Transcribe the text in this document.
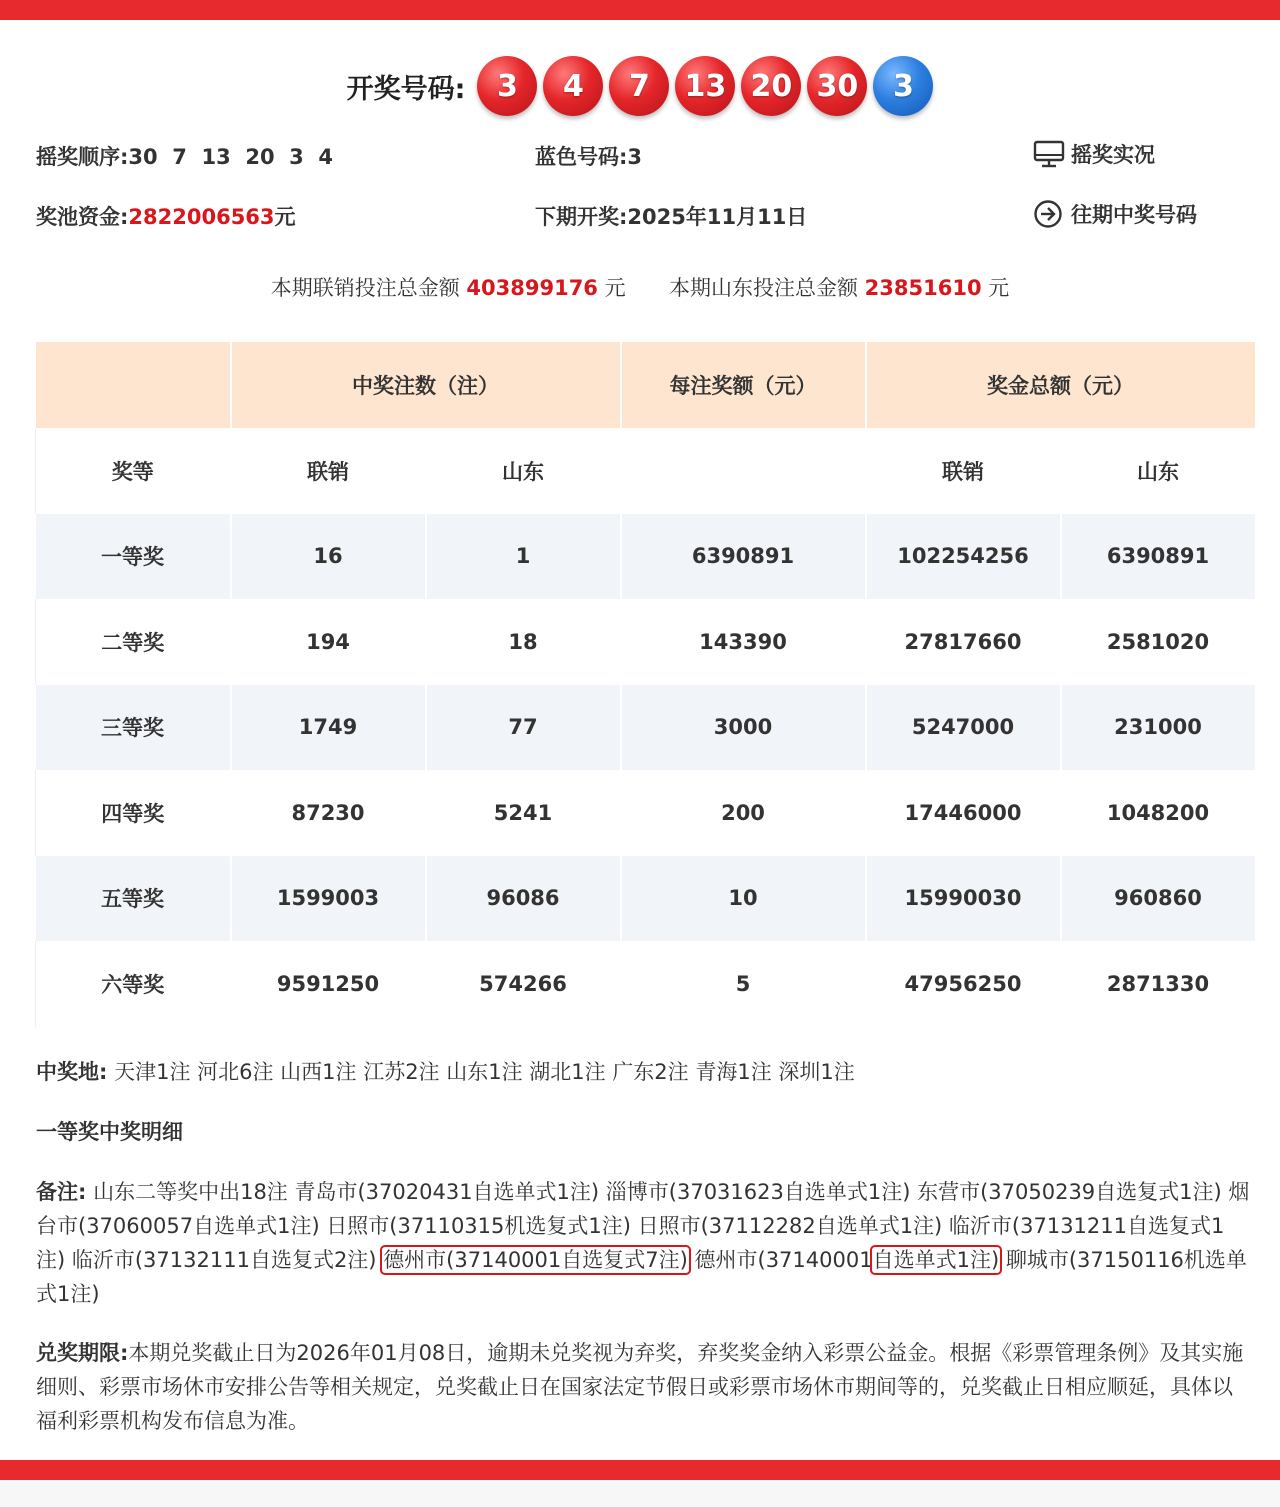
开奖号码:	3	4	7	13 20 30	3
摇奖顺序:30  7  13  20  3  4	蓝色号码:3	摇奖实况
奖池资金:2822006563元	下期开奖:2025年11月11日	往期中奖号码
本期联销投注总金额 403899176 元 本期山东投注总金额 23851610 元
	中奖注数（注）		每注奖额（元）	奖金总额（元）	
奖等	联销	山东		联销	山东
一等奖	16	1	6390891	102254256	6390891
二等奖	194	18	143390	27817660	2581020
三等奖	1749	77	3000	5247000	231000
四等奖	87230	5241	200	17446000	1048200
五等奖	1599003	96086	10	15990030	960860
六等奖	9591250	574266	5	47956250	2871330
中奖地: 天津1注 河北6注 山西1注 江苏2注 山东1注 湖北1注 广东2注 青海1注 深圳1注
一等奖中奖明细
备注: 山东二等奖中出18注 青岛市(37020431自选单式1注) 淄博市(37031623自选单式1注) 东营市(37050239自选复式1注) 烟台市(37060057自选单式1注) 日照市(37110315机选复式1注) 日照市(37112282自选单式1注) 临沂市(37131211自选复式1注) 临沂市(37132111自选复式2注) 德州市(37140001自选复式7注) 德州市(37140001自选单式1注) 聊城市(37150116机选单式1注)
兑奖期限:本期兑奖截止日为2026年01月08日，逾期未兑奖视为弃奖，弃奖奖金纳入彩票公益金。根据《彩票管理条例》及其实施细则、彩票市场休市安排公告等相关规定，兑奖截止日在国家法定节假日或彩票市场休市期间等的，兑奖截止日相应顺延，具体以福利彩票机构发布信息为准。
